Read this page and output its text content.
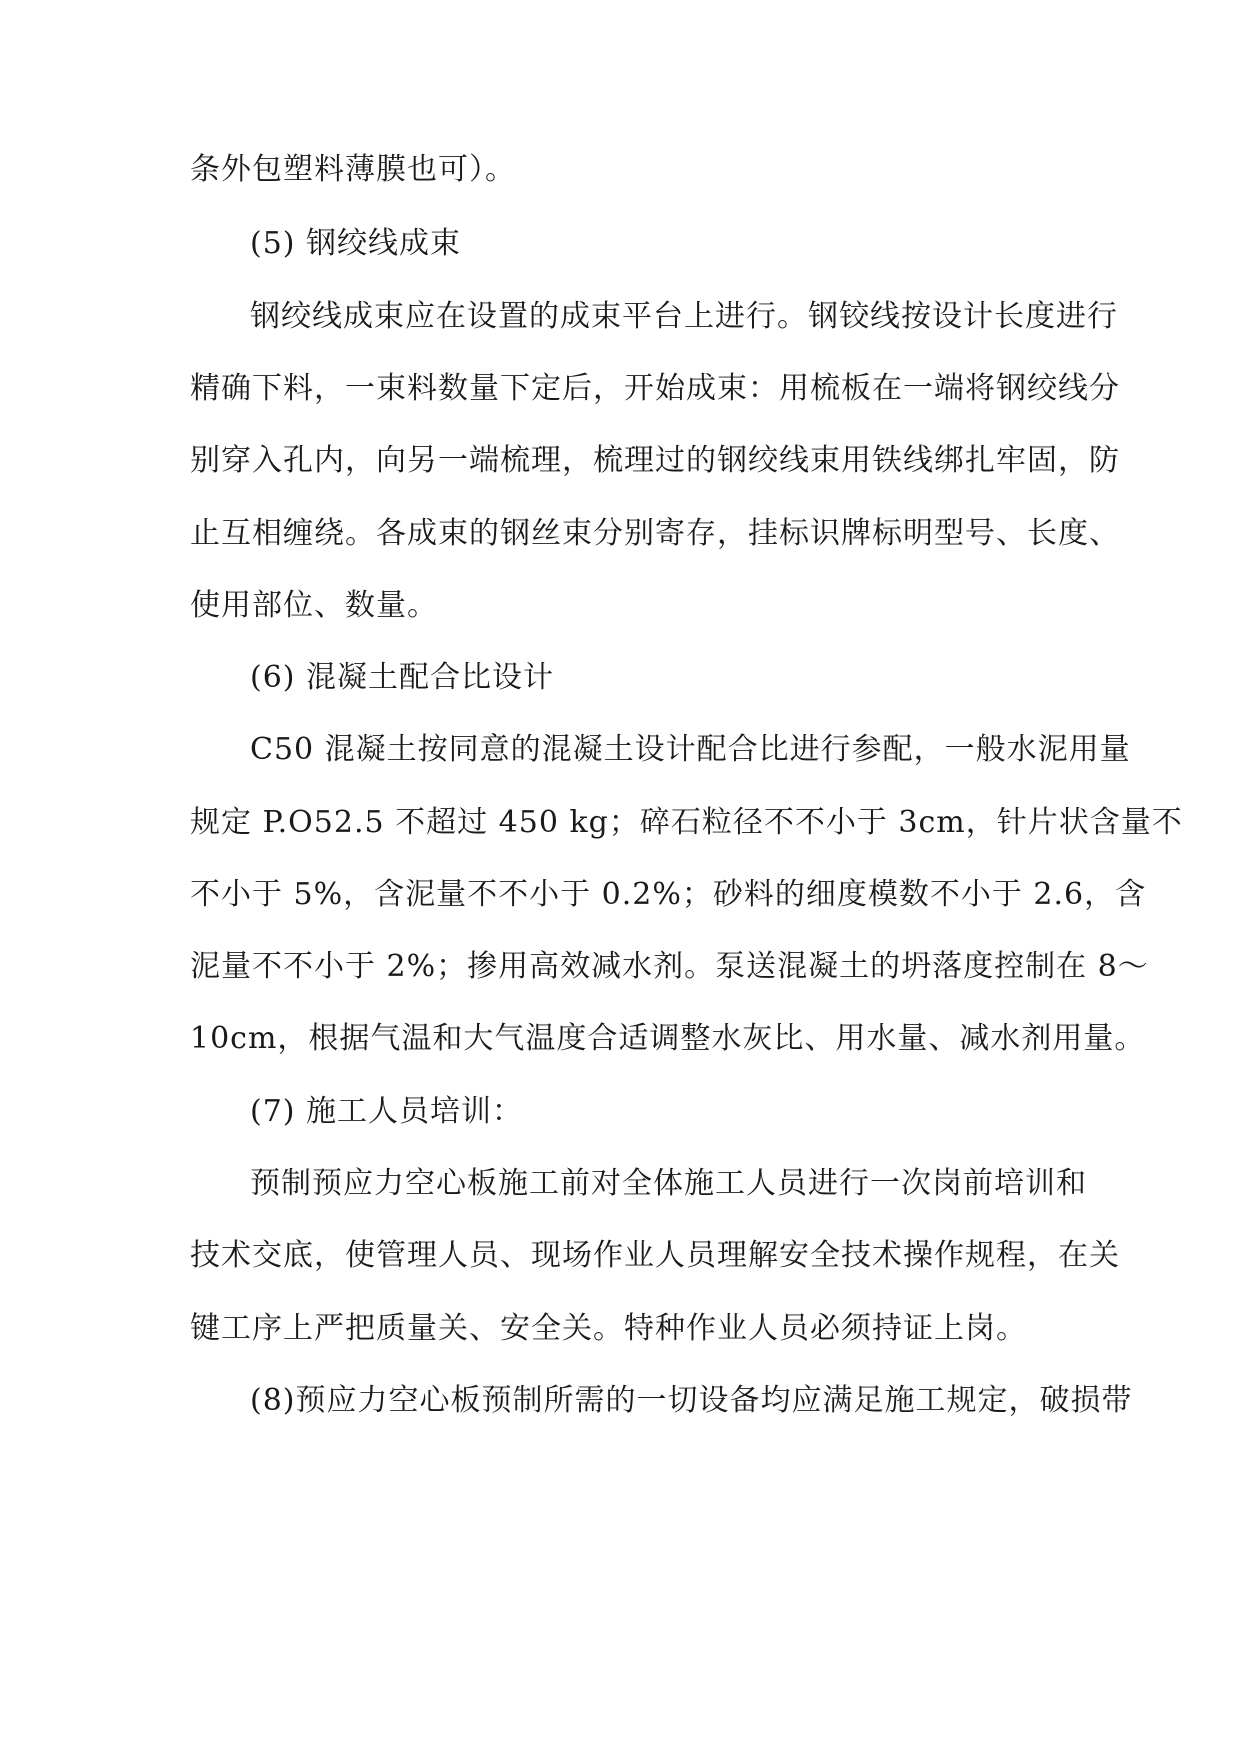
条外包塑料薄膜也可）。
(5) 钢绞线成束
钢绞线成束应在设置的成束平台上进行。钢铰线按设计长度进行
精确下料，一束料数量下定后，开始成束：用梳板在一端将钢绞线分
别穿入孔内，向另一端梳理，梳理过的钢绞线束用铁线绑扎牢固，防
止互相缠绕。各成束的钢丝束分别寄存，挂标识牌标明型号、长度、
使用部位、数量。
(6) 混凝土配合比设计
C50 混凝土按同意的混凝土设计配合比进行参配，一般水泥用量
规定 P.O52.5 不超过 450 kg；碎石粒径不不小于 3cm，针片状含量不
不小于 5%，含泥量不不小于 0.2%；砂料的细度模数不小于 2.6，含
泥量不不小于 2%；掺用高效减水剂。泵送混凝土的坍落度控制在 8～
10cm，根据气温和大气温度合适调整水灰比、用水量、减水剂用量。
(7) 施工人员培训：
预制预应力空心板施工前对全体施工人员进行一次岗前培训和
技术交底，使管理人员、现场作业人员理解安全技术操作规程，在关
键工序上严把质量关、安全关。特种作业人员必须持证上岗。
(8)预应力空心板预制所需的一切设备均应满足施工规定，破损带
